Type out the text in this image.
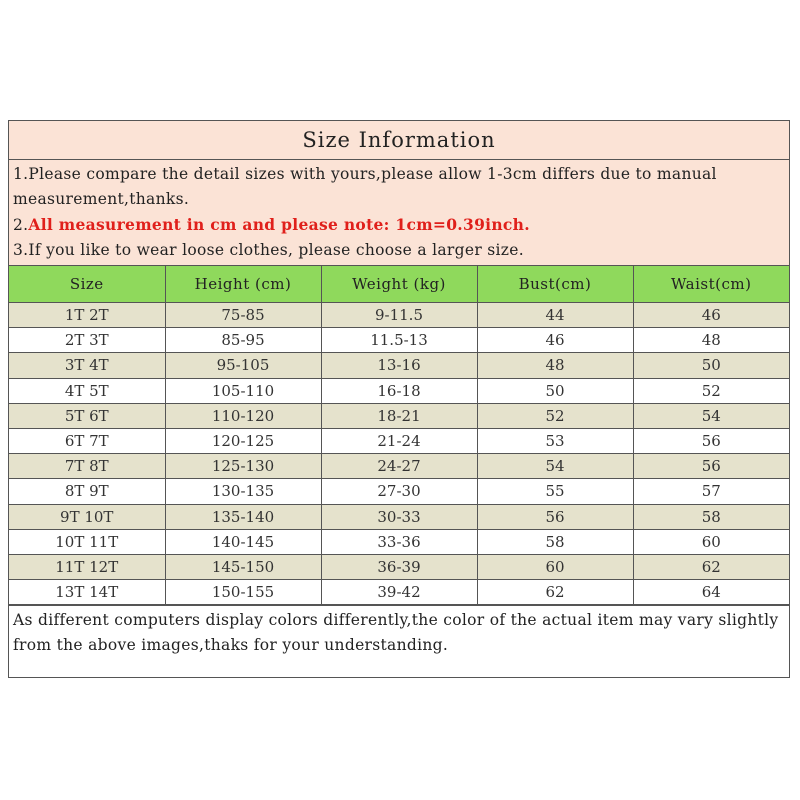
Size Information
1.Please compare the detail sizes with yours,please allow 1-3cm differs due to manual measurement,thanks.
2.All measurement in cm and please note: 1cm=0.39inch.
3.If you like to wear loose clothes, please choose a larger size.
Size	Height (cm)	Weight (kg)	Bust(cm)	Waist(cm)
1T 2T	75-85	9-11.5	44	46
2T 3T	85-95	11.5-13	46	48
3T 4T	95-105	13-16	48	50
4T 5T	105-110	16-18	50	52
5T 6T	110-120	18-21	52	54
6T 7T	120-125	21-24	53	56
7T 8T	125-130	24-27	54	56
8T 9T	130-135	27-30	55	57
9T 10T	135-140	30-33	56	58
10T 11T	140-145	33-36	58	60
11T 12T	145-150	36-39	60	62
13T 14T	150-155	39-42	62	64
As different computers display colors differently,the color of the actual item may vary slightly from the above images,thaks for your understanding.
